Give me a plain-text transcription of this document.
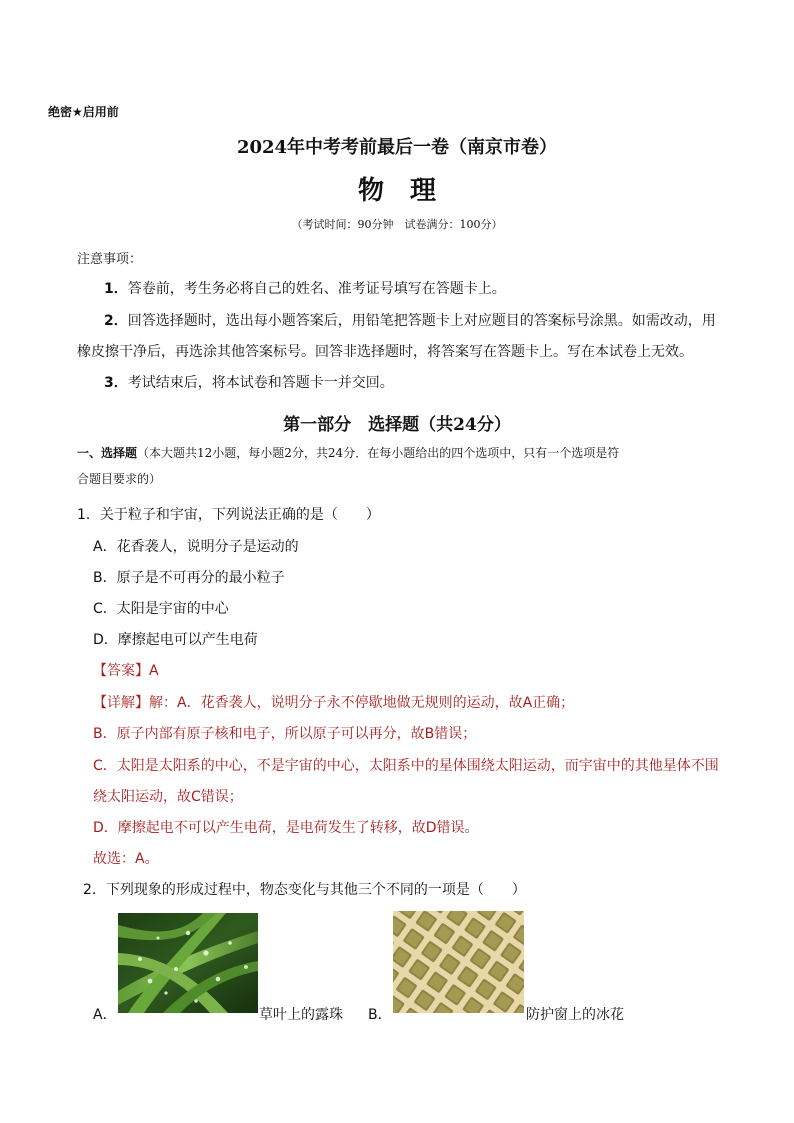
绝密★启用前
2024年中考考前最后一卷（南京市卷）
物　理
（考试时间：90分钟　试卷满分：100分）
注意事项：
1．答卷前，考生务必将自己的姓名、准考证号填写在答题卡上。
2．回答选择题时，选出每小题答案后，用铅笔把答题卡上对应题目的答案标号涂黑。如需改动，用
橡皮擦干净后，再选涂其他答案标号。回答非选择题时，将答案写在答题卡上。写在本试卷上无效。
3．考试结束后，将本试卷和答题卡一并交回。
第一部分　选择题（共24分）
一、选择题（本大题共12小题，每小题2分，共24分．在每小题给出的四个选项中，只有一个选项是符
合题目要求的）
1．关于粒子和宇宙，下列说法正确的是（　　）
A．花香袭人，说明分子是运动的
B．原子是不可再分的最小粒子
C．太阳是宇宙的中心
D．摩擦起电可以产生电荷
【答案】A
【详解】解：A．花香袭人，说明分子永不停歇地做无规则的运动，故A正确；
B．原子内部有原子核和电子，所以原子可以再分，故B错误；
C．太阳是太阳系的中心，不是宇宙的中心，太阳系中的星体围绕太阳运动，而宇宙中的其他星体不围
绕太阳运动，故C错误；
D．摩擦起电不可以产生电荷，是电荷发生了转移，故D错误。
故选：A。
2．下列现象的形成过程中，物态变化与其他三个不同的一项是（　　）
A．	草叶上的露珠 B．	防护窗上的冰花
